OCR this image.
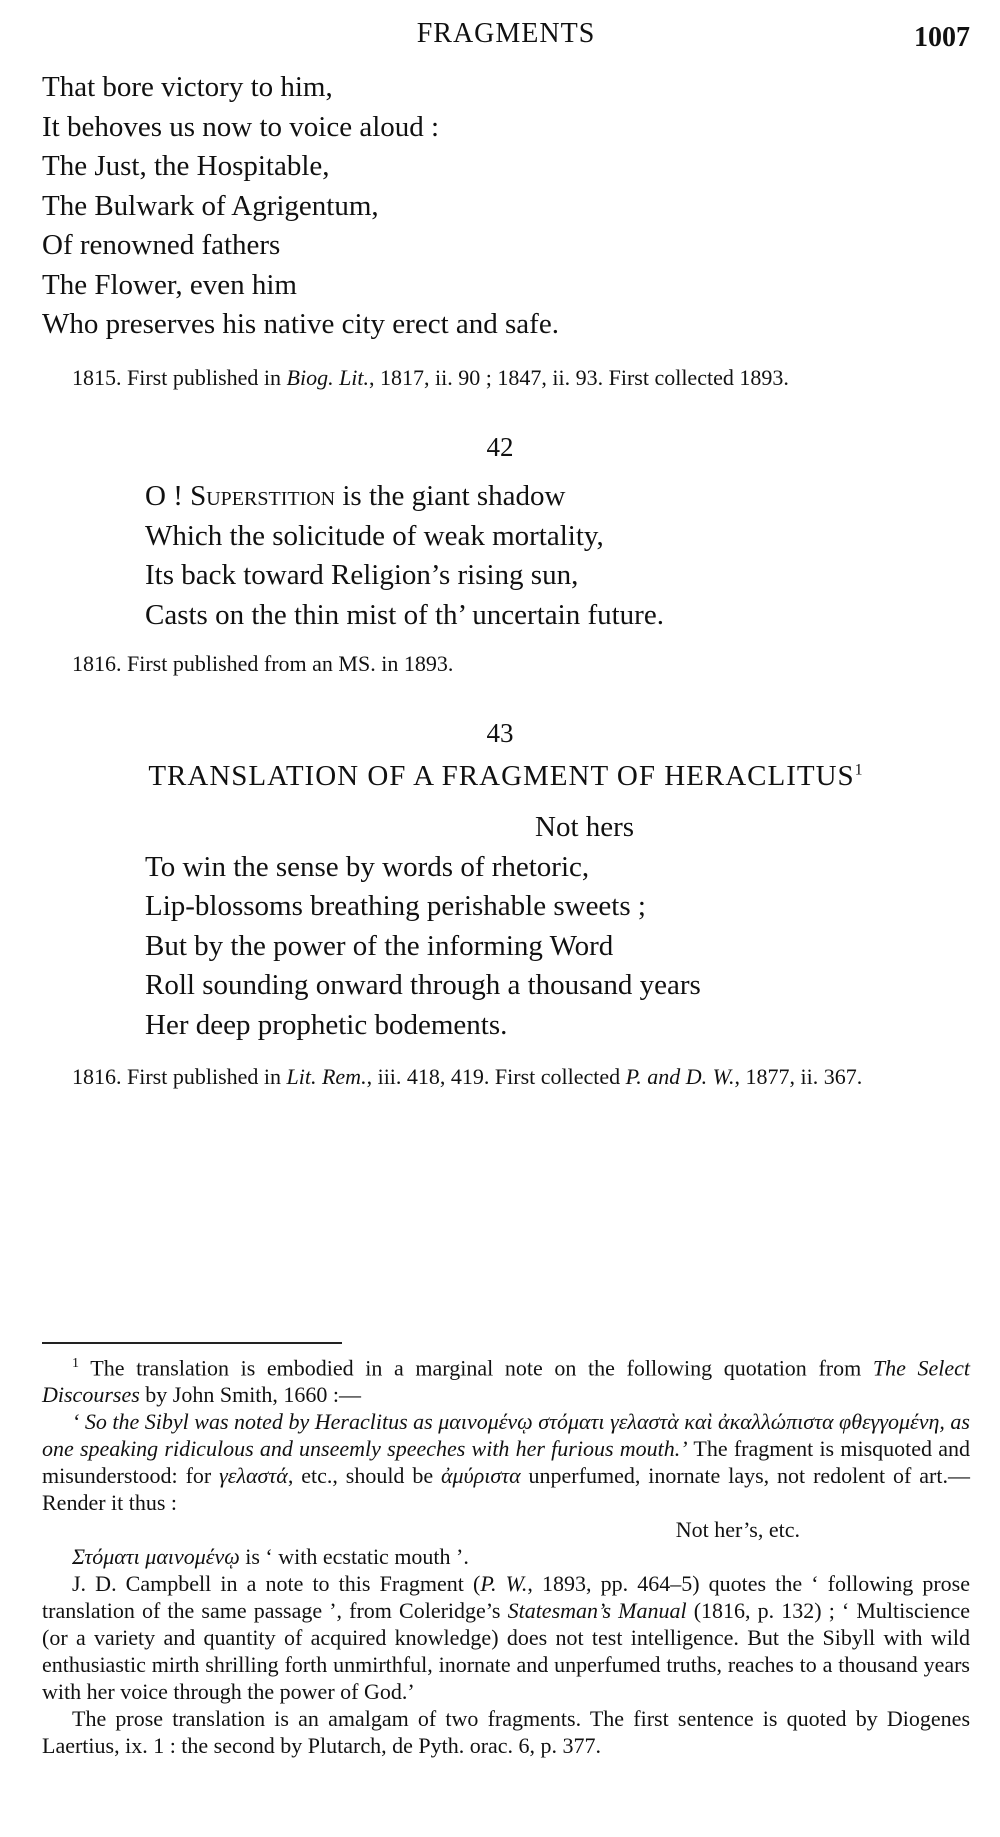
FRAGMENTS	1007
That bore victory to him,
It behoves us now to voice aloud :
The Just, the Hospitable,
The Bulwark of Agrigentum,
Of renowned fathers
The Flower, even him
Who preserves his native city erect and safe.
1815. First published in Biog. Lit., 1817, ii. 90 ; 1847, ii. 93. First collected 1893.
42
O ! Superstition is the giant shadow
Which the solicitude of weak mortality,
Its back toward Religion’s rising sun,
Casts on the thin mist of th’ uncertain future.
1816. First published from an MS. in 1893.
43
TRANSLATION OF A FRAGMENT OF HERACLITUS$^1$
Not hers
To win the sense by words of rhetoric,
Lip-blossoms breathing perishable sweets ;
But by the power of the informing Word
Roll sounding onward through a thousand years
Her deep prophetic bodements.
1816. First published in Lit. Rem., iii. 418, 419. First collected P. and D. W., 1877, ii. 367.

$^1$ The translation is embodied in a marginal note on the following quotation from The Select Discourses by John Smith, 1660 :—

‘ So the Sibyl was noted by Heraclitus as μαινομένῳ στόματι γελαστὰ καὶ ἀκαλλώπιστα φθεγγομένη, as one speaking ridiculous and unseemly speeches with her furious mouth.’ The fragment is misquoted and misunderstood: for γελαστά, etc., should be ἀμύριστα unperfumed, inornate lays, not redolent of art.—Render it thus :

Not her’s, etc.

Στόματι μαινομένῳ is ‘ with ecstatic mouth ’.

J. D. Campbell in a note to this Fragment (P. W., 1893, pp. 464–5) quotes the ‘ following prose translation of the same passage ’, from Coleridge’s Statesman’s Manual (1816, p. 132) ; ‘ Multiscience (or a variety and quantity of acquired knowledge) does not test intelligence. But the Sibyll with wild enthusiastic mirth shrilling forth unmirthful, inornate and unperfumed truths, reaches to a thousand years with her voice through the power of God.’

The prose translation is an amalgam of two fragments. The first sentence is quoted by Diogenes Laertius, ix. 1 : the second by Plutarch, de Pyth. orac. 6, p. 377.
